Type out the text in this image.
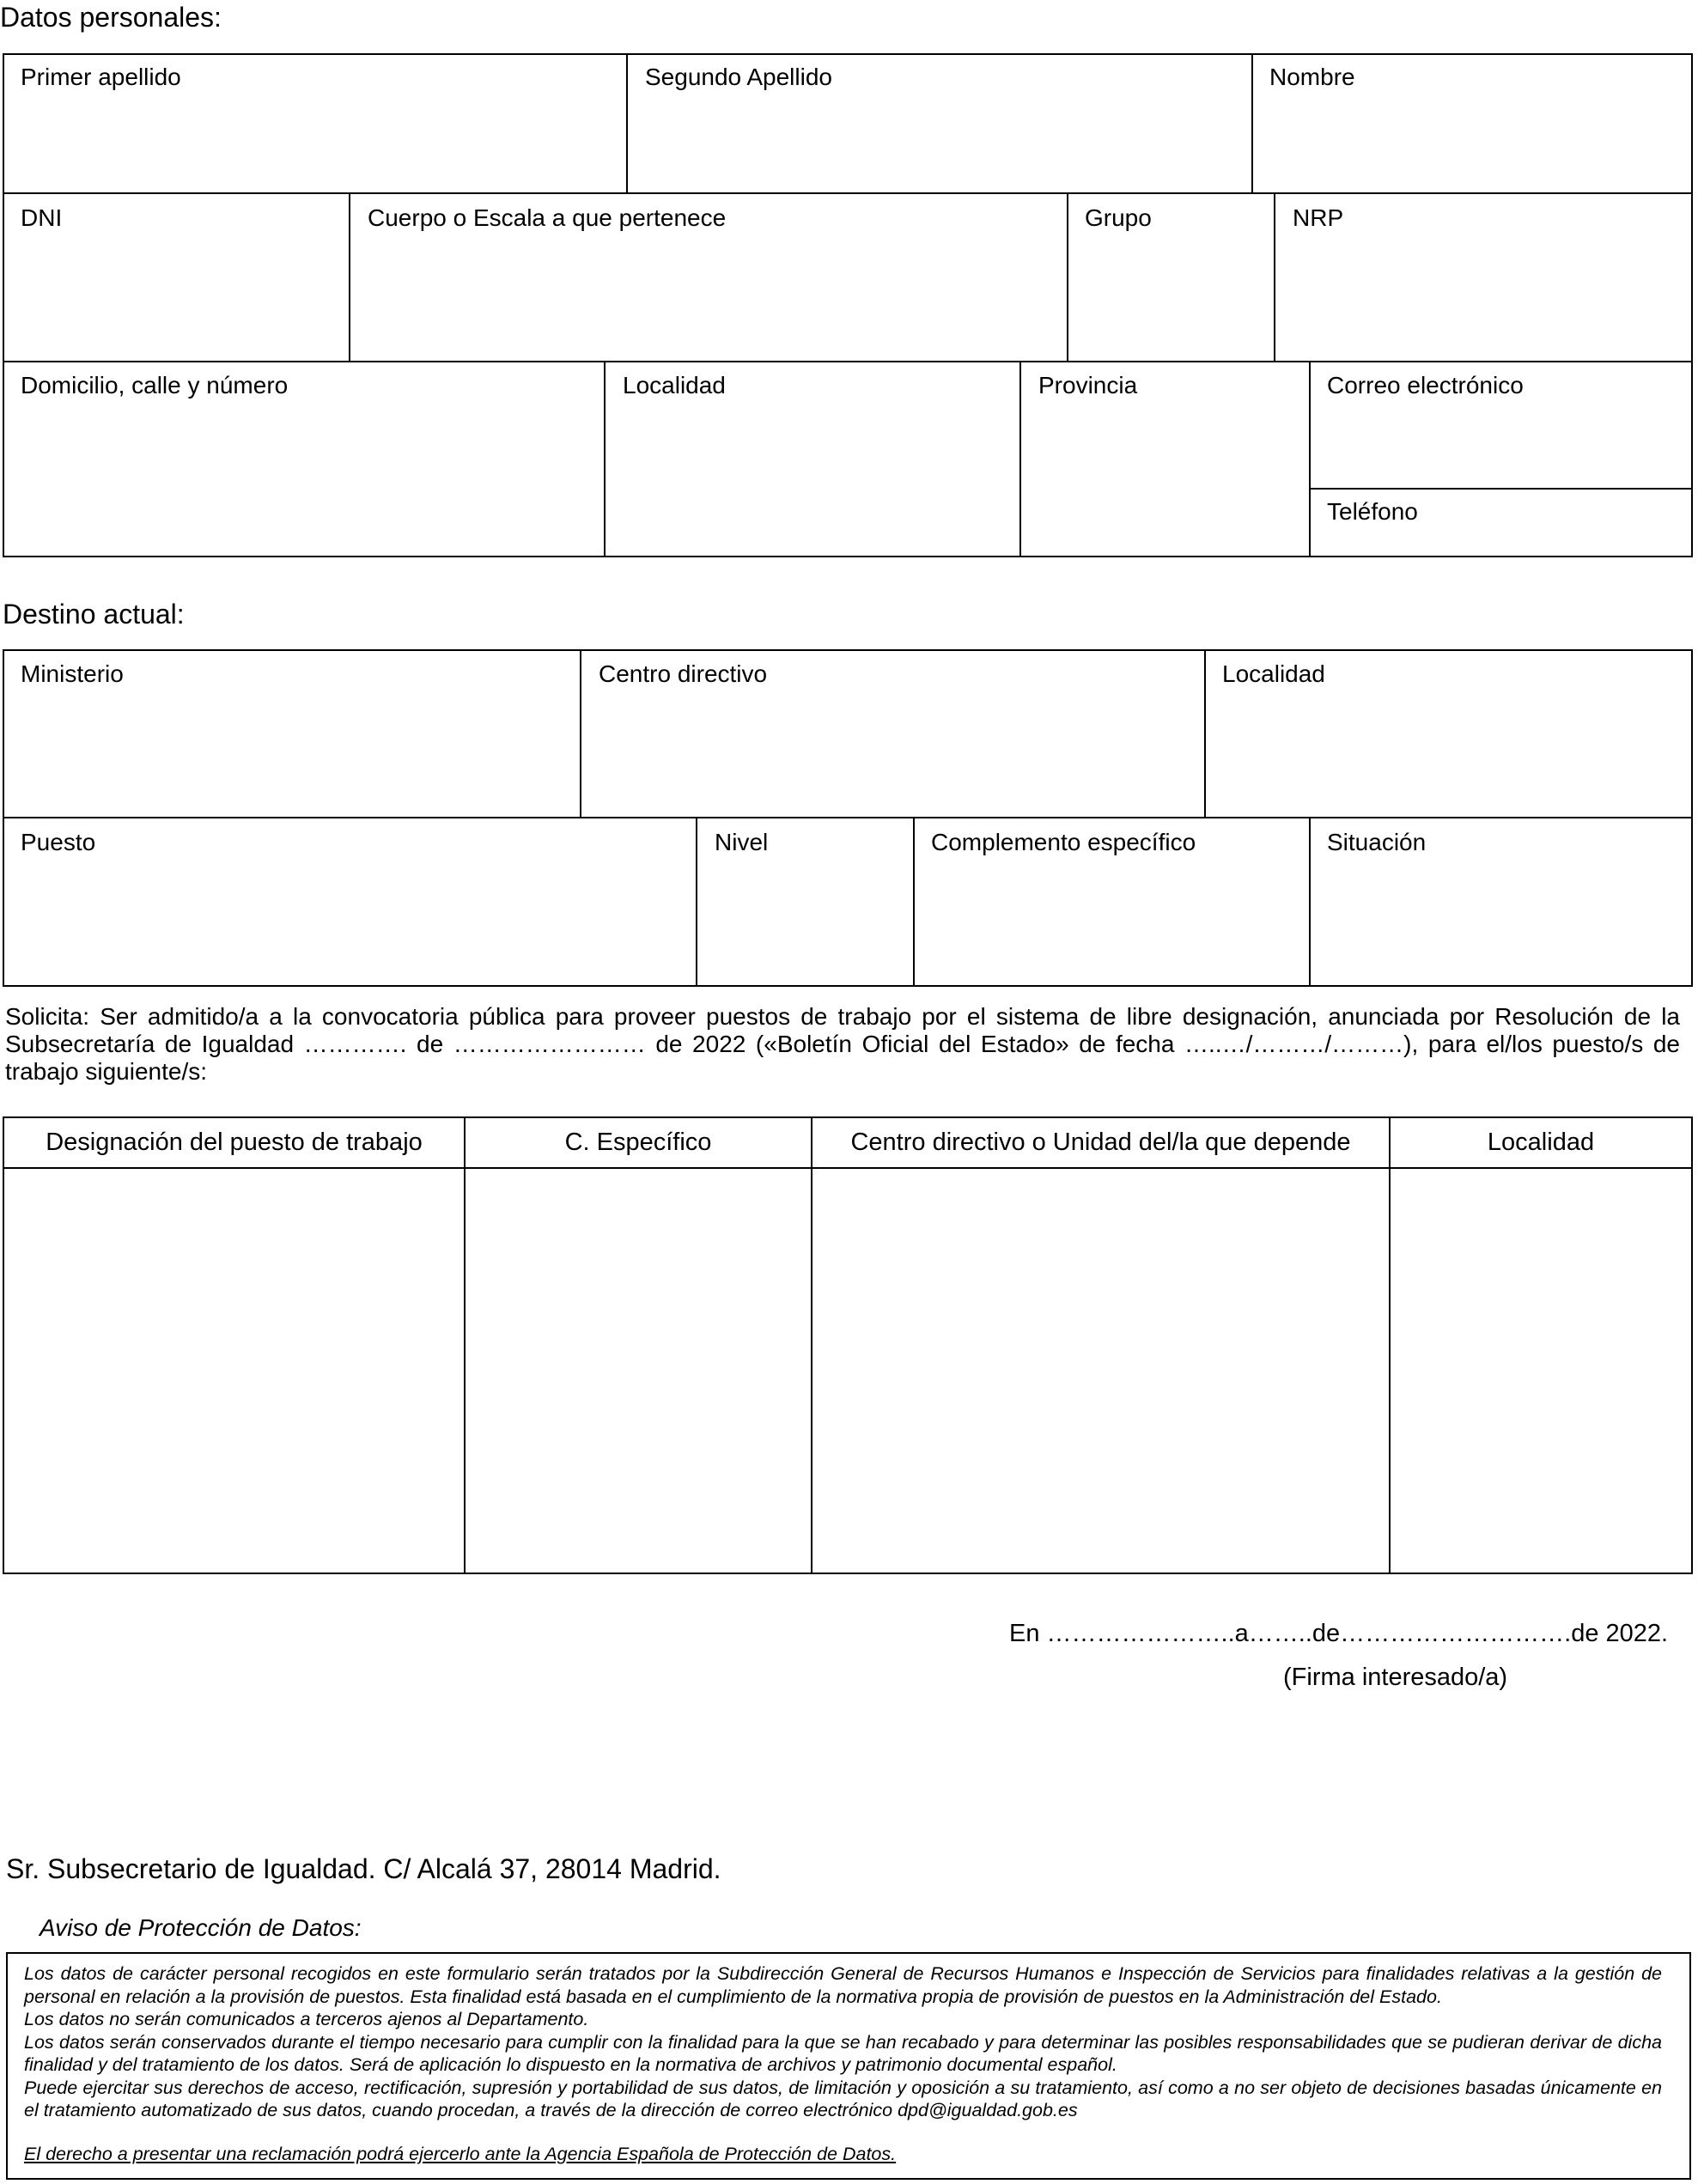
Datos personales:
Primer apellido	Segundo Apellido	Nombre
DNI	Cuerpo o Escala a que pertenece	Grupo	NRP
Domicilio, calle y número	Localidad	Provincia	Correo electrónico
Teléfono
Destino actual:
Ministerio	Centro directivo	Localidad
Puesto	Nivel	Complemento específico	Situación
Solicita: Ser admitido/a a la convocatoria pública para proveer puestos de trabajo por el sistema de libre designación, anunciada por Resolución de la Subsecretaría de Igualdad …………. de …………………… de 2022 («Boletín Oficial del Estado» de fecha …..…/………/………), para el/los puesto/s de trabajo siguiente/s:
Designación del puesto de trabajo	C. Específico	Centro directivo o Unidad del/la que depende	Localidad
En …………………..a……..de……………………….de 2022.
(Firma interesado/a)
Sr. Subsecretario de Igualdad. C/ Alcalá 37, 28014 Madrid.
Aviso de Protección de Datos:

Los datos de carácter personal recogidos en este formulario serán tratados por la Subdirección General de Recursos Humanos e Inspección de Servicios para finalidades relativas a la gestión de personal en relación a la provisión de puestos. Esta finalidad está basada en el cumplimiento de la normativa propia de provisión de puestos en la Administración del Estado.

Los datos no serán comunicados a terceros ajenos al Departamento.

Los datos serán conservados durante el tiempo necesario para cumplir con la finalidad para la que se han recabado y para determinar las posibles responsabilidades que se pudieran derivar de dicha finalidad y del tratamiento de los datos. Será de aplicación lo dispuesto en la normativa de archivos y patrimonio documental español.

Puede ejercitar sus derechos de acceso, rectificación, supresión y portabilidad de sus datos, de limitación y oposición a su tratamiento, así como a no ser objeto de decisiones basadas únicamente en el tratamiento automatizado de sus datos, cuando procedan, a través de la dirección de correo electrónico dpd@igualdad.gob.es

El derecho a presentar una reclamación podrá ejercerlo ante la Agencia Española de Protección de Datos.
